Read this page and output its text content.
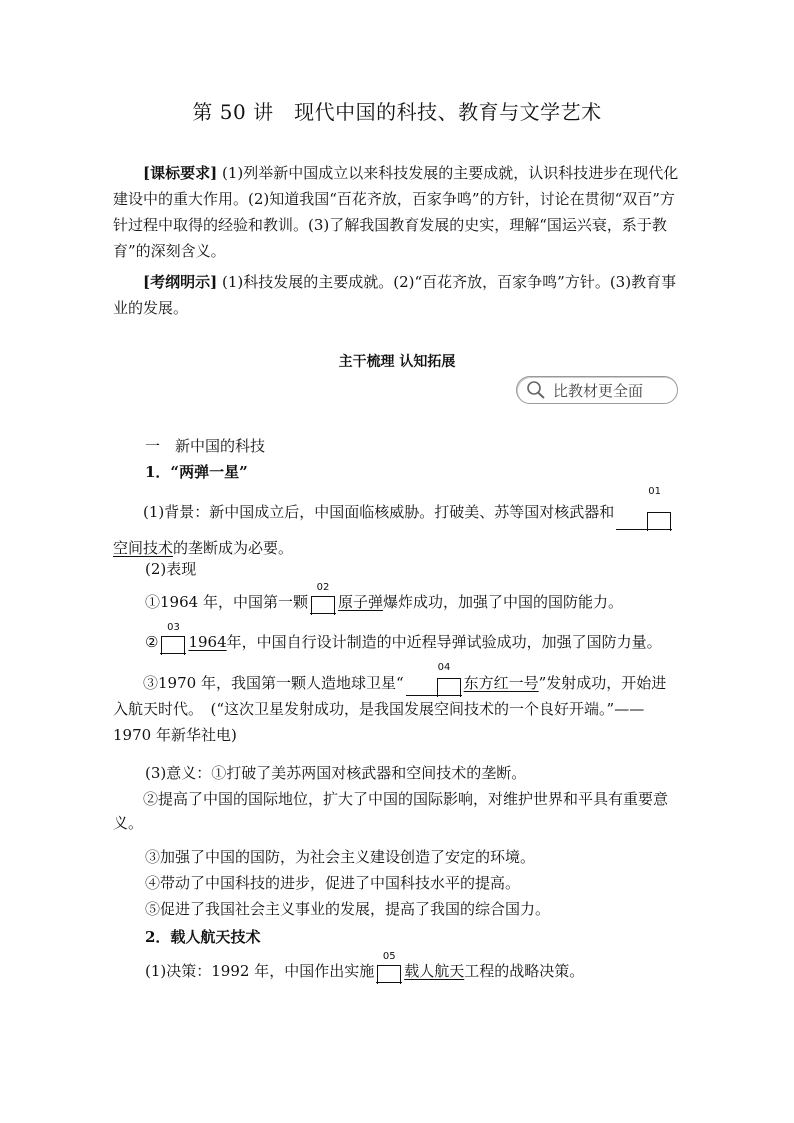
第 50 讲　现代中国的科技、教育与文学艺术
[课标要求] (1)列举新中国成立以来科技发展的主要成就，认识科技进步在现代化建设中的重大作用。(2)知道我国“百花齐放，百家争鸣”的方针，讨论在贯彻“双百”方针过程中取得的经验和教训。(3)了解我国教育发展的史实，理解“国运兴衰，系于教育”的深刻含义。
[考纲明示] (1)科技发展的主要成就。(2)“百花齐放，百家争鸣”方针。(3)教育事业的发展。
主干梳理 认知拓展
比教材更全面
一　新中国的科技
1．“两弹一星”
(1)背景：新中国成立后，中国面临核威胁。打破美、苏等国对核武器和
01
空间技术的垄断成为必要。
(2)表现
①1964 年，中国第一颗
02
原子弹爆炸成功，加强了中国的国防能力。
②
03
1964年，中国自行设计制造的中近程导弹试验成功，加强了国防力量。
③1970 年，我国第一颗人造地球卫星“
04
东方红一号”发射成功，开始进入航天时代。　(“这次卫星发射成功，是我国发展空间技术的一个良好开端。”——1970 年新华社电)
(3)意义：①打破了美苏两国对核武器和空间技术的垄断。
②提高了中国的国际地位，扩大了中国的国际影响，对维护世界和平具有重要意义。
③加强了中国的国防，为社会主义建设创造了安定的环境。
④带动了中国科技的进步，促进了中国科技水平的提高。
⑤促进了我国社会主义事业的发展，提高了我国的综合国力。
2．载人航天技术
(1)决策：1992 年，中国作出实施
05
载人航天工程的战略决策。
